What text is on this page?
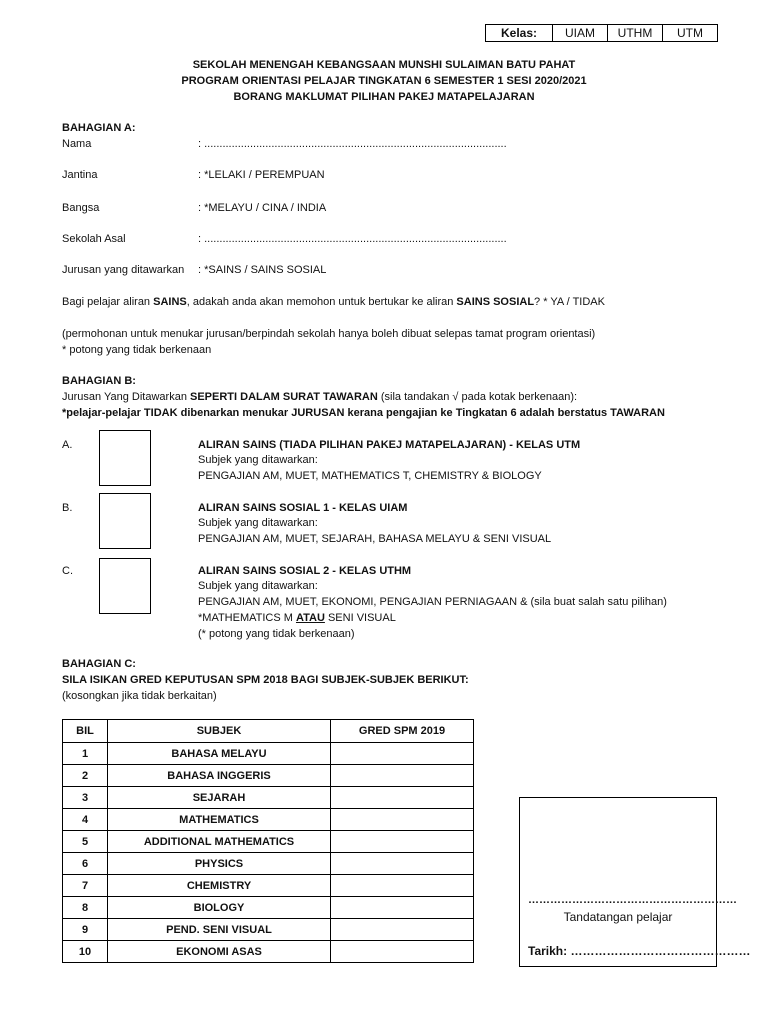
Kelas:	UIAM	UTHM	UTM
SEKOLAH MENENGAH KEBANGSAAN MUNSHI SULAIMAN BATU PAHAT
PROGRAM ORIENTASI PELAJAR TINGKATAN 6 SEMESTER 1 SESI 2020/2021
BORANG MAKLUMAT PILIHAN PAKEJ MATAPELAJARAN
BAHAGIAN A:
Nama	: ...................................................................................................
Jantina	: *LELAKI / PEREMPUAN
Bangsa	: *MELAYU / CINA / INDIA
Sekolah Asal	: ...................................................................................................
Jurusan yang ditawarkan : *SAINS / SAINS SOSIAL
Bagi pelajar aliran SAINS, adakah anda akan memohon untuk bertukar ke aliran SAINS SOSIAL? * YA / TIDAK
(permohonan untuk menukar jurusan/berpindah sekolah hanya boleh dibuat selepas tamat program orientasi)
* potong yang tidak berkenaan
BAHAGIAN B:
Jurusan Yang Ditawarkan SEPERTI DALAM SURAT TAWARAN (sila tandakan √ pada kotak berkenaan):
*pelajar-pelajar TIDAK dibenarkan menukar JURUSAN kerana pengajian ke Tingkatan 6 adalah berstatus TAWARAN
A.	ALIRAN SAINS (TIADA PILIHAN PAKEJ MATAPELAJARAN) - KELAS UTM
Subjek yang ditawarkan:
PENGAJIAN AM, MUET, MATHEMATICS T, CHEMISTRY & BIOLOGY
B.	ALIRAN SAINS SOSIAL 1 - KELAS UIAM
Subjek yang ditawarkan:
PENGAJIAN AM, MUET, SEJARAH, BAHASA MELAYU & SENI VISUAL
C.	ALIRAN SAINS SOSIAL 2 - KELAS UTHM
Subjek yang ditawarkan:
PENGAJIAN AM, MUET, EKONOMI, PENGAJIAN PERNIAGAAN & (sila buat salah satu pilihan)
*MATHEMATICS M ATAU SENI VISUAL
(* potong yang tidak berkenaan)
BAHAGIAN C:
SILA ISIKAN GRED KEPUTUSAN SPM 2018 BAGI SUBJEK-SUBJEK BERIKUT:
(kosongkan jika tidak berkaitan)
BIL	SUBJEK	GRED SPM 2019
1	BAHASA MELAYU	
2	BAHASA INGGERIS	
3	SEJARAH	
4	MATHEMATICS	
5	ADDITIONAL MATHEMATICS	
6	PHYSICS	
7	CHEMISTRY	
8	BIOLOGY	
9	PEND. SENI VISUAL	
10	EKONOMI ASAS	
…………………………………………………
Tandatangan pelajar
Tarikh: ………………………………………
